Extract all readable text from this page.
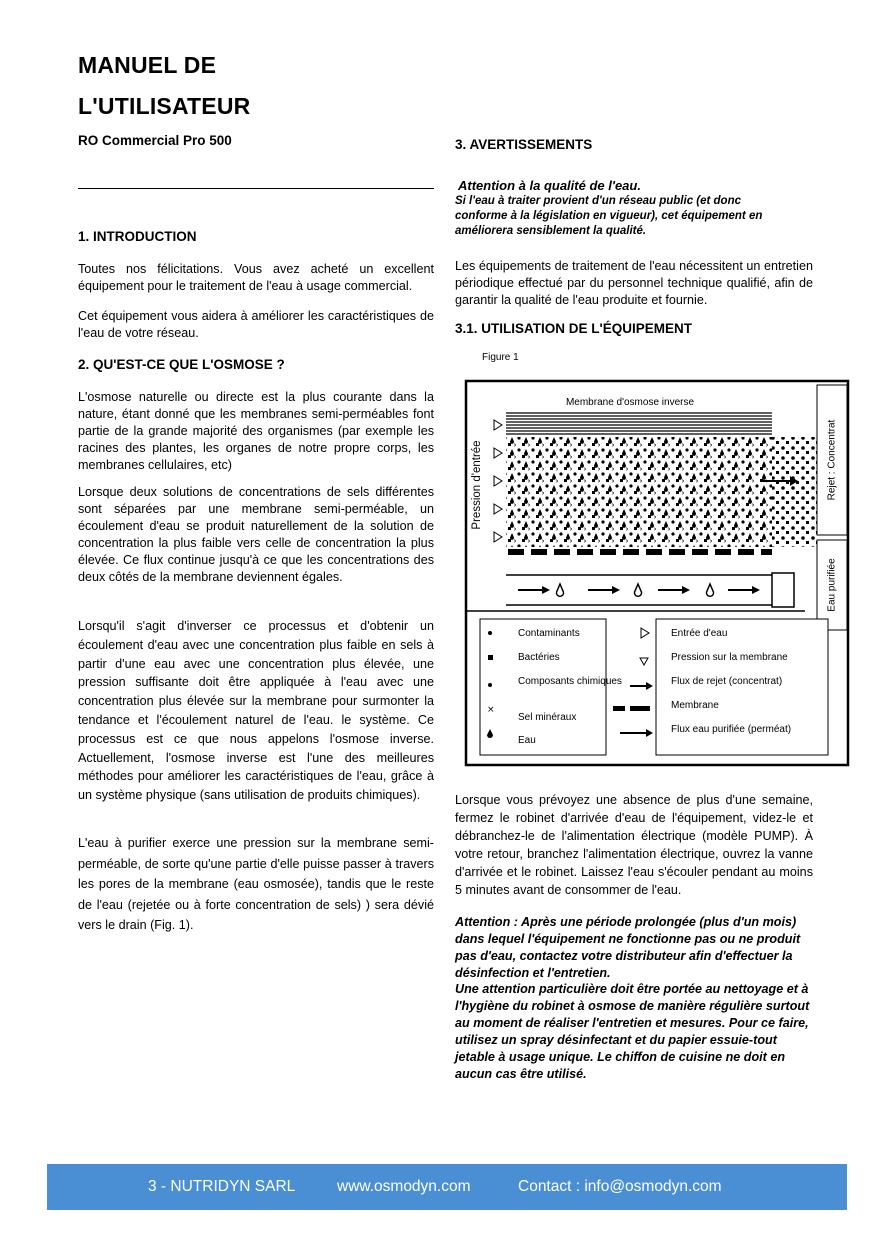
MANUEL DE
L'UTILISATEUR
RO Commercial Pro 500
1. INTRODUCTION
Toutes nos félicitations. Vous avez acheté un excellent équipement pour le traitement de l'eau à usage commercial.
Cet équipement vous aidera à améliorer les caractéristiques de l'eau de votre réseau.
2. QU'EST-CE QUE L'OSMOSE ?
L'osmose naturelle ou directe est la plus courante dans la nature, étant donné que les membranes semi-perméables font partie de la grande majorité des organismes (par exemple les racines des plantes, les organes de notre propre corps, les membranes cellulaires, etc)
Lorsque deux solutions de concentrations de sels différentes sont séparées par une membrane semi-perméable, un écoulement d'eau se produit naturellement de la solution de concentration la plus faible vers celle de concentration la plus élevée. Ce flux continue jusqu'à ce que les concentrations des deux côtés de la membrane deviennent égales.
Lorsqu'il s'agit d'inverser ce processus et d'obtenir un écoulement d'eau avec une concentration plus faible en sels à partir d'une eau avec une concentration plus élevée, une pression suffisante doit être appliquée à l'eau avec une concentration plus élevée sur la membrane pour surmonter la tendance et l'écoulement naturel de l'eau. le système. Ce processus est ce que nous appelons l'osmose inverse. Actuellement, l'osmose inverse est l'une des meilleures méthodes pour améliorer les caractéristiques de l'eau, grâce à un système physique (sans utilisation de produits chimiques).
L'eau à purifier exerce une pression sur la membrane semi-perméable, de sorte qu'une partie d'elle puisse passer à travers les pores de la membrane (eau osmosée), tandis que le reste de l'eau (rejetée ou à forte concentration de sels) ) sera dévié vers le drain (Fig. 1).
3. AVERTISSEMENTS
Attention à la qualité de l'eau.
Si l'eau à traiter provient d'un réseau public (et donc conforme à la législation en vigueur), cet équipement en améliorera sensiblement la qualité.
Les équipements de traitement de l'eau nécessitent un entretien périodique effectué par du personnel technique qualifié, afin de garantir la qualité de l'eau produite et fournie.
3.1. UTILISATION DE L'ÉQUIPEMENT
Figure 1
Membrane d'osmose inverse
Pression d'entrée	Rejet : Concentrat
Eau purifiée
×
Contaminants
Bactéries
Composants chimiques
Sel minéraux
Eau
Entrée d'eau
Pression sur la membrane
Flux de rejet (concentrat)
Membrane
Flux eau purifiée (perméat)
Lorsque vous prévoyez une absence de plus d'une semaine, fermez le robinet d'arrivée d'eau de l'équipement, videz-le et débranchez-le de l'alimentation électrique (modèle PUMP). À votre retour, branchez l'alimentation électrique, ouvrez la vanne d'arrivée et le robinet. Laissez l'eau s'écouler pendant au moins 5 minutes avant de consommer de l'eau.
Attention : Après une période prolongée (plus d'un mois) dans lequel l'équipement ne fonctionne pas ou ne produit pas d'eau, contactez votre distributeur afin d'effectuer la désinfection et l'entretien.
Une attention particulière doit être portée au nettoyage et à l'hygiène du robinet à osmose de manière régulière surtout au moment de réaliser l'entretien et mesures. Pour ce faire, utilisez un spray désinfectant et du papier essuie-tout jetable à usage unique. Le chiffon de cuisine ne doit en aucun cas être utilisé.
3 - NUTRIDYN SARL	www.osmodyn.com	Contact : info@osmodyn.com
